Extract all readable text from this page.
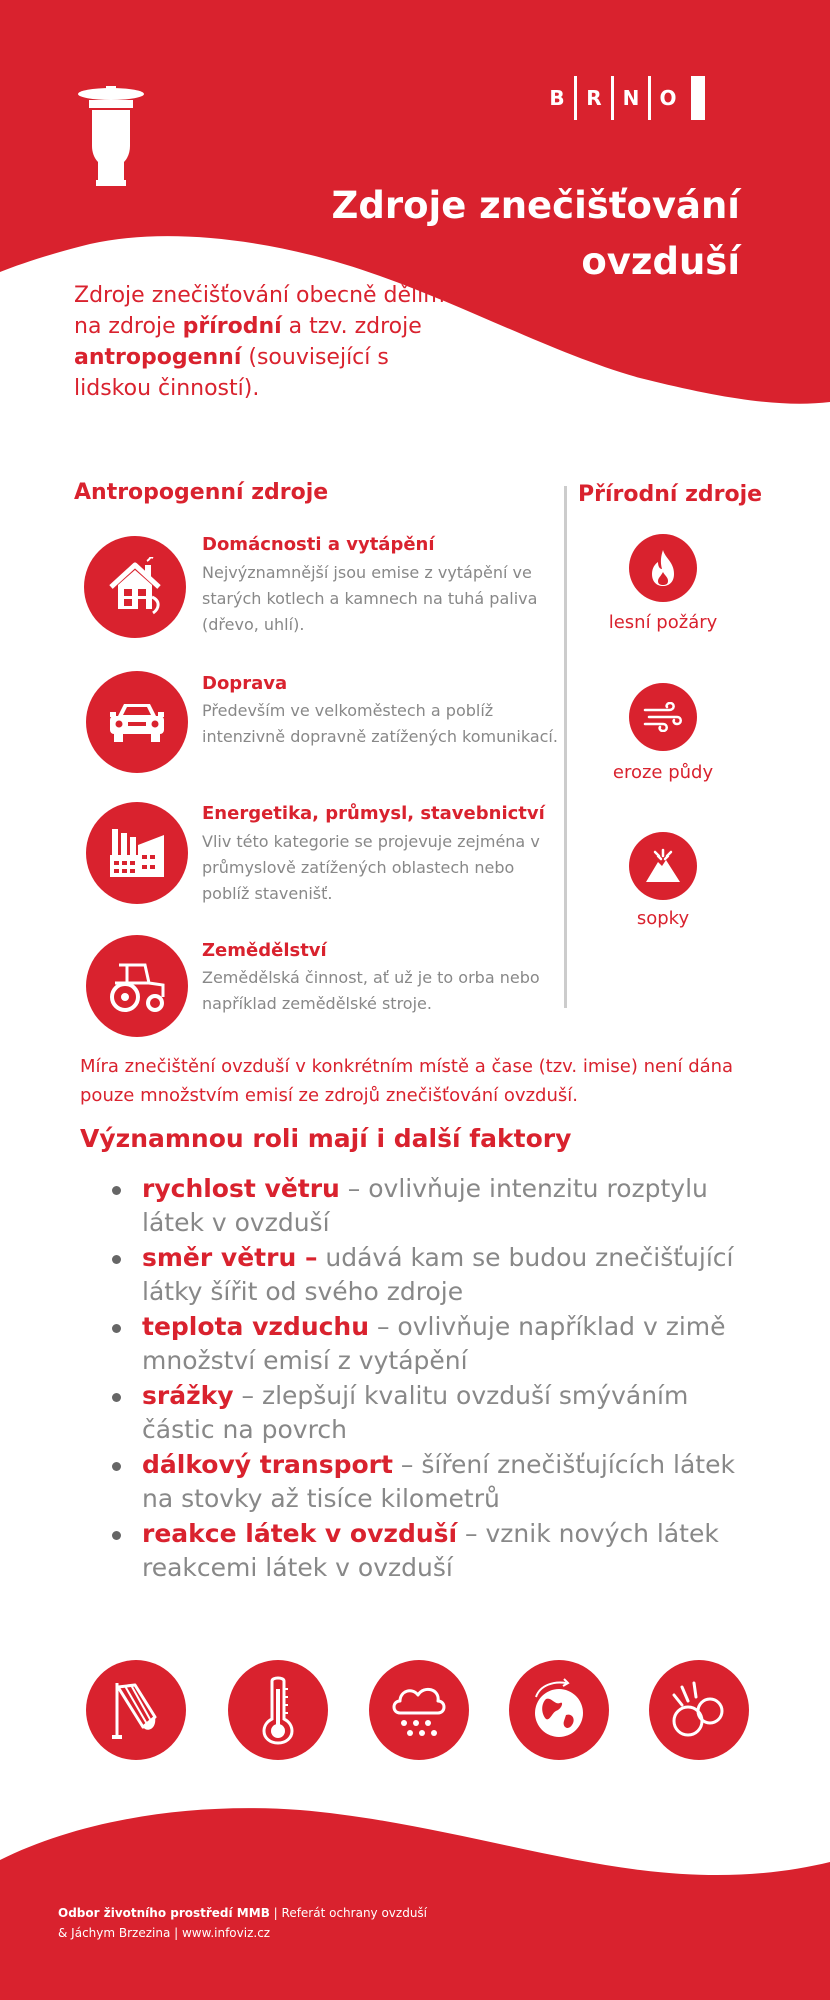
B	R	N	O
Zdroje znečišťování ovzduší

Zdroje znečišťování obecně dělíme na zdroje přírodní a tzv. zdroje antropogenní (související s lidskou činností).

Antropogenní zdroje	Přírodní zdroje
Domácnosti a vytápění
Nejvýznamnější jsou emise z vytápění ve starých kotlech a kamnech na tuhá paliva (dřevo, uhlí).
Doprava
Především ve velkoměstech a poblíž intenzivně dopravně zatížených komunikací.
Energetika, průmysl, stavebnictví
Vliv této kategorie se projevuje zejména v průmyslově zatížených oblastech nebo poblíž stavenišť.
Zemědělství
Zemědělská činnost, ať už je to orba nebo například zemědělské stroje.
lesní požáry
eroze půdy
sopky

Míra znečištění ovzduší v konkrétním místě a čase (tzv. imise) není dána pouze množstvím emisí ze zdrojů znečišťování ovzduší.

Významnou roli mají i další faktory
rychlost větru – ovlivňuje intenzitu rozptylu látek v ovzduší
směr větru – udává kam se budou znečišťující látky šířit od svého zdroje
teplota vzduchu – ovlivňuje například v zimě množství emisí z vytápění
srážky – zlepšují kvalitu ovzduší smýváním částic na povrch
dálkový transport – šíření znečišťujících látek na stovky až tisíce kilometrů
reakce látek v ovzduší – vznik nových látek reakcemi látek v ovzduší
Odbor životního prostředí MMB | Referát ochrany ovzduší
& Jáchym Brzezina | www.infoviz.cz
